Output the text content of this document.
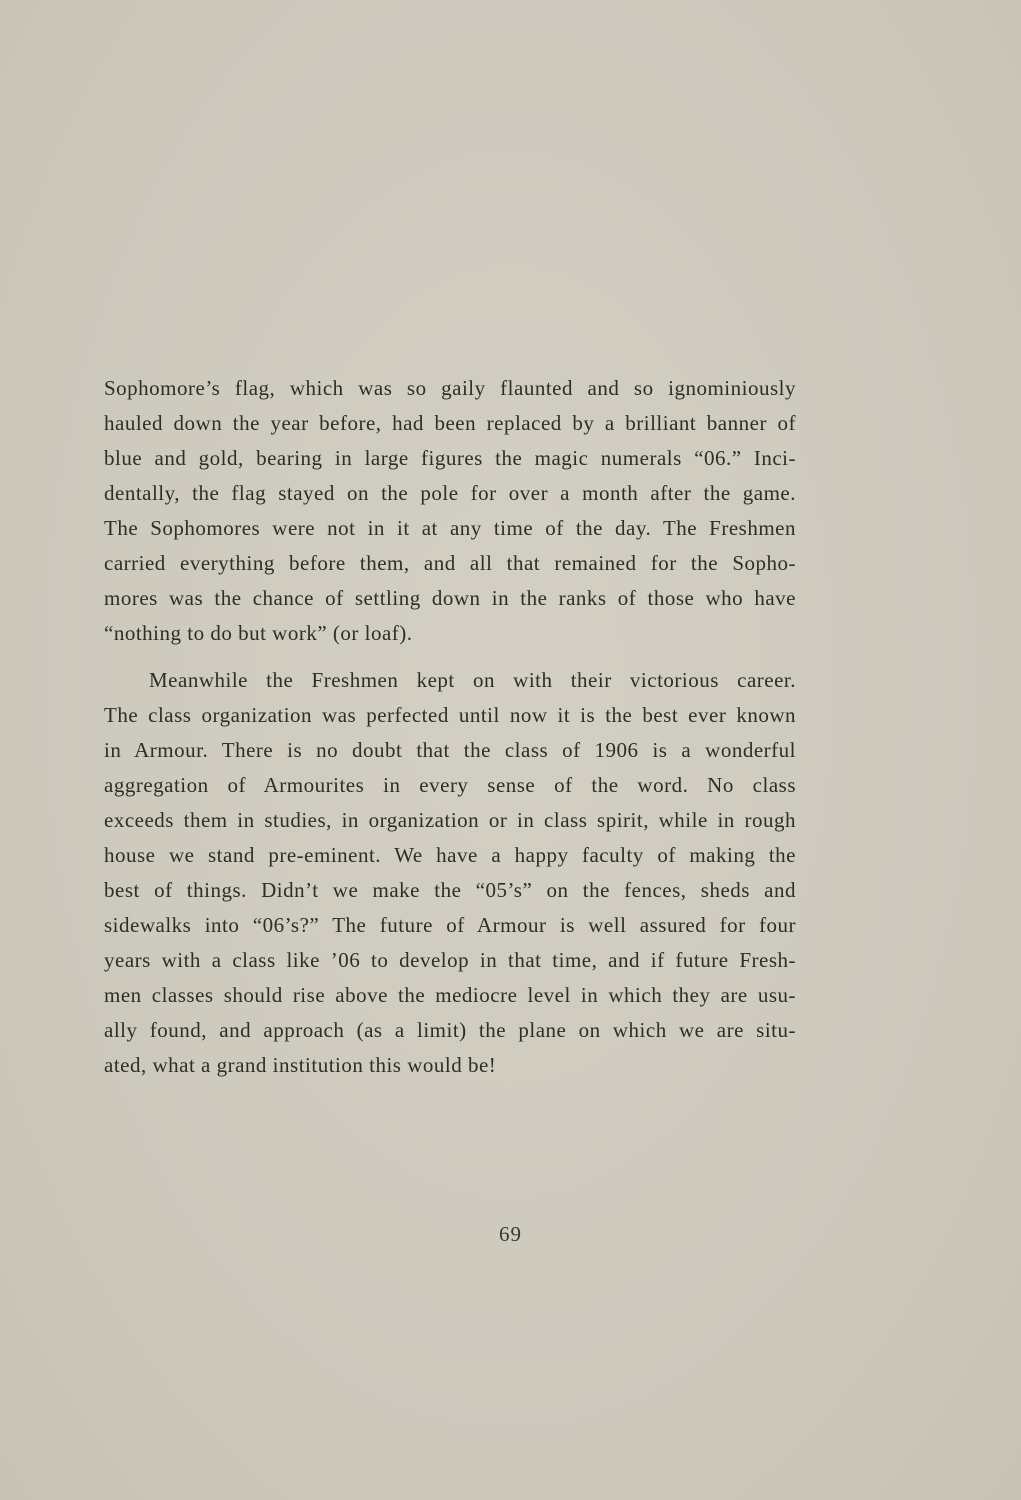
Sophomore’s flag, which was so gaily flaunted and so ignominiously
hauled down the year before, had been replaced by a brilliant banner of
blue and gold, bearing in large figures the magic numerals “06.” Inci-
dentally, the flag stayed on the pole for over a month after the game.
The Sophomores were not in it at any time of the day. The Freshmen
carried everything before them, and all that remained for the Sopho-
mores was the chance of settling down in the ranks of those who have
“nothing to do but work” (or loaf).
Meanwhile the Freshmen kept on with their victorious career.
The class organization was perfected until now it is the best ever known
in Armour. There is no doubt that the class of 1906 is a wonderful
aggregation of Armourites in every sense of the word. No class
exceeds them in studies, in organization or in class spirit, while in rough
house we stand pre-eminent. We have a happy faculty of making the
best of things. Didn’t we make the “05’s” on the fences, sheds and
sidewalks into “06’s?” The future of Armour is well assured for four
years with a class like ’06 to develop in that time, and if future Fresh-
men classes should rise above the mediocre level in which they are usu-
ally found, and approach (as a limit) the plane on which we are situ-
ated, what a grand institution this would be!
69
